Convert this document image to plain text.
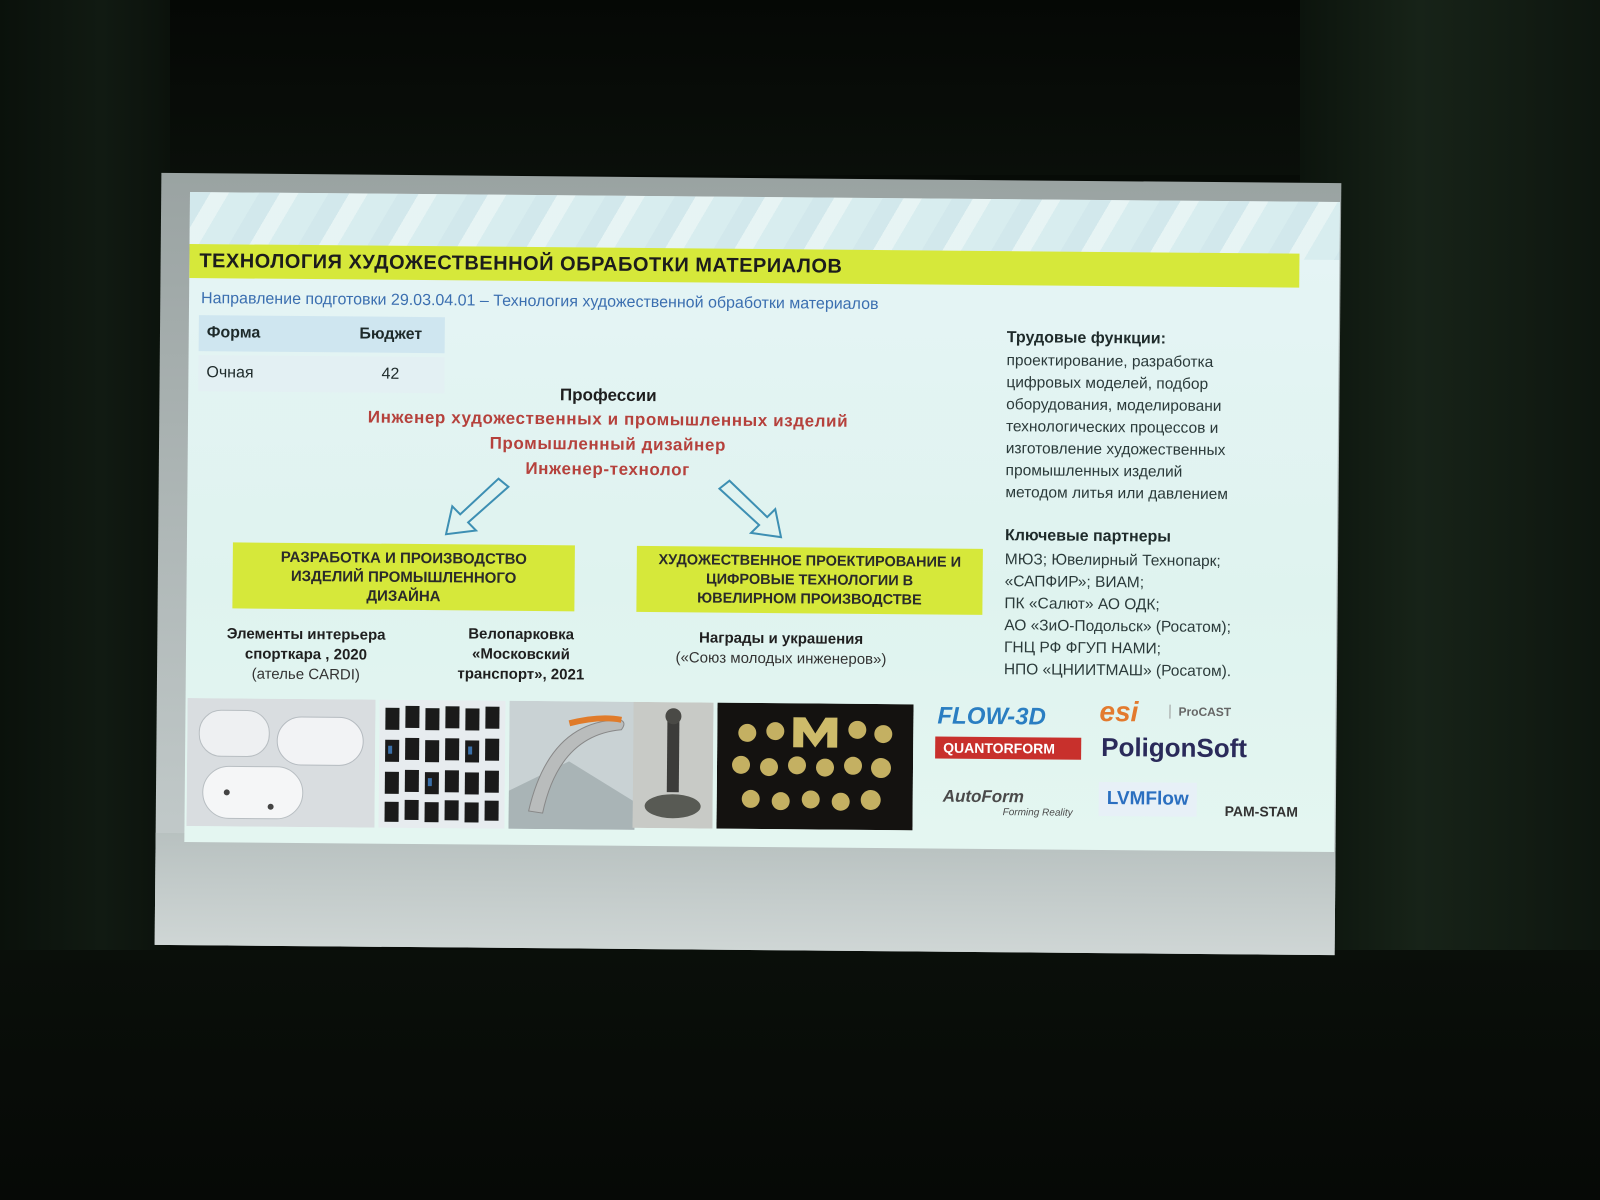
ТЕХНОЛОГИЯ ХУДОЖЕСТВЕННОЙ ОБРАБОТКИ МАТЕРИАЛОВ
Направление подготовки 29.03.04.01 – Технология художественной обработки материалов
Форма	Бюджет
Очная	42
Профессии
Инженер художественных и промышленных изделий
Промышленный дизайнер
Инженер-технолог
РАЗРАБОТКА И ПРОИЗВОДСТВО
ИЗДЕЛИЙ ПРОМЫШЛЕННОГО
ДИЗАЙНА
ХУДОЖЕСТВЕННОЕ ПРОЕКТИРОВАНИЕ И
ЦИФРОВЫЕ ТЕХНОЛОГИИ В
ЮВЕЛИРНОМ ПРОИЗВОДСТВЕ
Элементы интерьера
спорткара , 2020
(ателье CARDI)
Велопарковка
«Московский
транспорт», 2021
Награды и украшения
(«Союз молодых инженеров»)
Трудовые функции:
проектирование, разработка
цифровых моделей, подбор
оборудования, моделировани
технологических процессов и
изготовление художественных
промышленных изделий
методом литья или давлением
Ключевые партнеры
МЮЗ; Ювелирный Технопарк;
«САПФИР»; ВИАМ;
ПК «Салют» АО ОДК;
АО «ЗиО-Подольск» (Росатом);
ГНЦ РФ ФГУП НАМИ;
НПО «ЦНИИТМАШ» (Росатом).
FLOW-3D esi	ProCAST
QUANTORFORM	PoligonSoft
AutoForm
Forming Reality
LVMFlow
PAM-STAM
